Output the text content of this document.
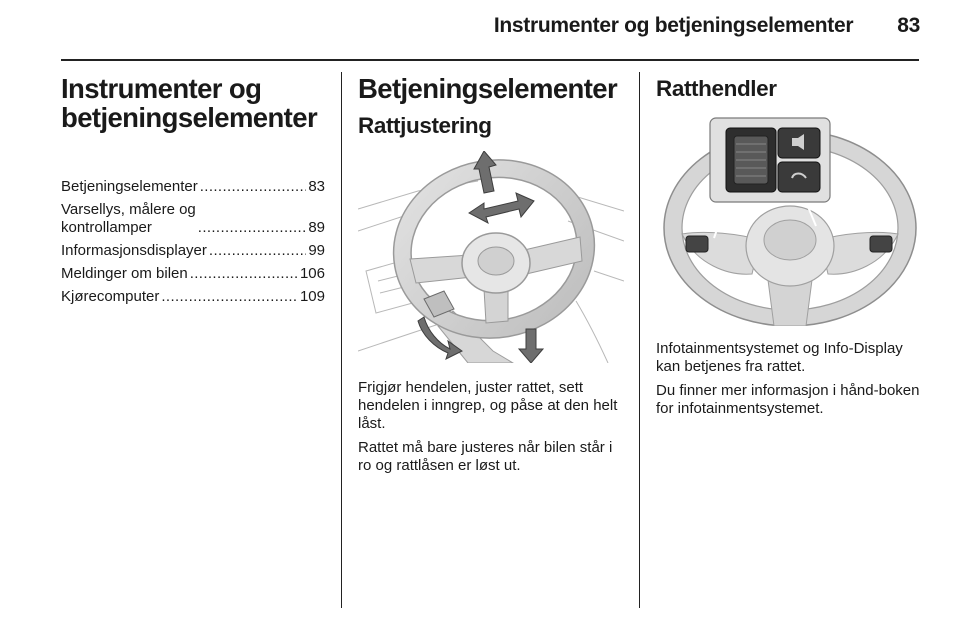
Instrumenter og betjeningselementer 83
Instrumenter og
betjeningselementer
Betjeningselementer . . .	83
Varsellys, målere og
kontrollamper . . .	89
Informasjonsdisplayer . . .	99
Meldinger om bilen . . .	106
Kjørecomputer . . .	109
Betjeningselementer
Rattjustering

Frigjør hendelen, juster rattet, sett hendelen i inngrep, og påse at den helt låst.

Rattet må bare justeres når bilen står i ro og rattlåsen er løst ut.

Ratthendler

Infotainmentsystemet og Info-Display kan betjenes fra rattet.

Du finner mer informasjon i hånd-boken for infotainmentsystemet.
